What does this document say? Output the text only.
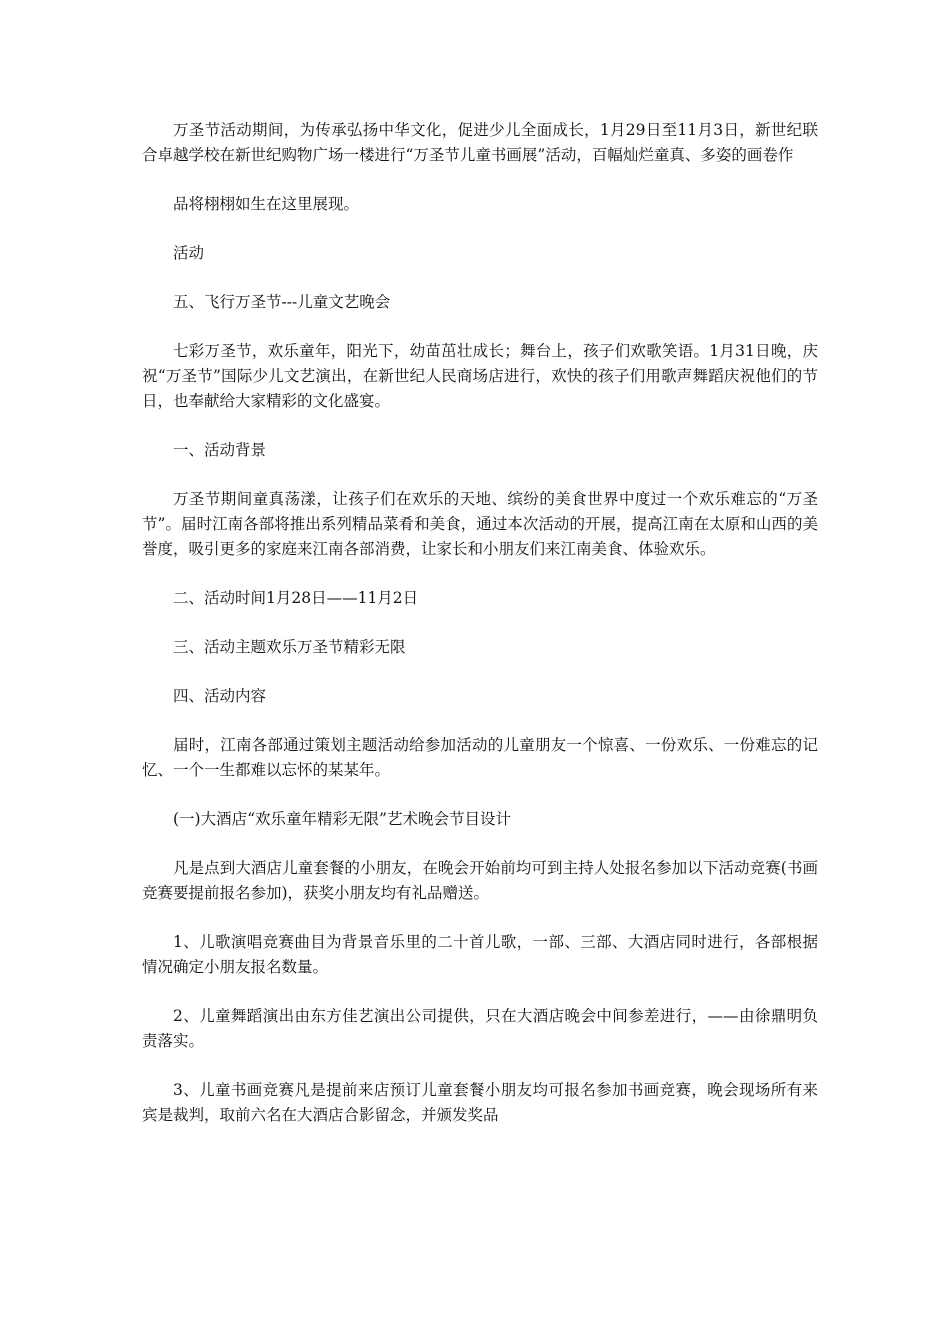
万圣节活动期间，为传承弘扬中华文化，促进少儿全面成长，1月29日至11月3日，新世纪联合卓越学校在新世纪购物广场一楼进行“万圣节儿童书画展”活动，百幅灿烂童真、多姿的画卷作

品将栩栩如生在这里展现。

活动

五、飞行万圣节---儿童文艺晚会

七彩万圣节，欢乐童年，阳光下，幼苗茁壮成长；舞台上，孩子们欢歌笑语。1月31日晚，庆祝“万圣节”国际少儿文艺演出，在新世纪人民商场店进行，欢快的孩子们用歌声舞蹈庆祝他们的节日，也奉献给大家精彩的文化盛宴。

一、活动背景

万圣节期间童真荡漾，让孩子们在欢乐的天地、缤纷的美食世界中度过一个欢乐难忘的“万圣节”。届时江南各部将推出系列精品菜肴和美食，通过本次活动的开展，提高江南在太原和山西的美誉度，吸引更多的家庭来江南各部消费，让家长和小朋友们来江南美食、体验欢乐。

二、活动时间1月28日——11月2日

三、活动主题欢乐万圣节精彩无限

四、活动内容

届时，江南各部通过策划主题活动给参加活动的儿童朋友一个惊喜、一份欢乐、一份难忘的记忆、一个一生都难以忘怀的某某年。

(一)大酒店“欢乐童年精彩无限”艺术晚会节目设计

凡是点到大酒店儿童套餐的小朋友，在晚会开始前均可到主持人处报名参加以下活动竞赛(书画竞赛要提前报名参加)，获奖小朋友均有礼品赠送。

1、儿歌演唱竞赛曲目为背景音乐里的二十首儿歌，一部、三部、大酒店同时进行，各部根据情况确定小朋友报名数量。

2、儿童舞蹈演出由东方佳艺演出公司提供，只在大酒店晚会中间参差进行，——由徐鼎明负责落实。

3、儿童书画竞赛凡是提前来店预订儿童套餐小朋友均可报名参加书画竞赛，晚会现场所有来宾是裁判，取前六名在大酒店合影留念，并颁发奖品
